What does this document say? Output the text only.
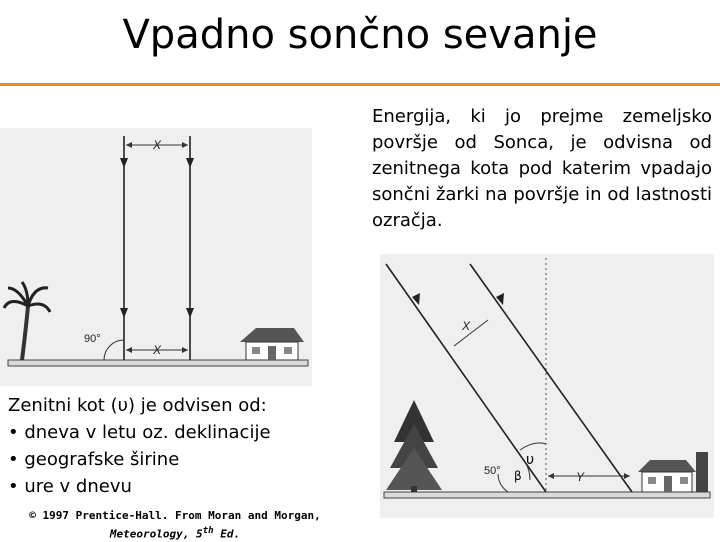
Vpadno sončno sevanje
Energija, ki jo prejme zemeljsko površje od Sonca, je odvisna od zenitnega kota pod katerim vpadajo sončni žarki na površje in od lastnosti ozračja.
X
X
90°
X
Y
υ
β
50°
Zenitni kot (υ) je odvisen od:
• dneva v letu oz. deklinacije
• geografske širine
• ure v dnevu
© 1997 Prentice-Hall. From Moran and Morgan,
Meteorology, 5th Ed.
